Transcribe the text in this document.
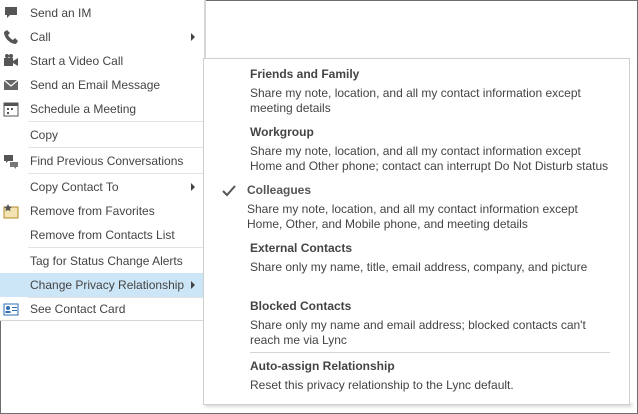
Send an IM
Call
Start a Video Call
Send an Email Message
Schedule a Meeting
Copy
Find Previous Conversations
Copy Contact To
Remove from Favorites
Remove from Contacts List
Tag for Status Change Alerts
Change Privacy Relationship
See Contact Card
Friends and Family
Share my note, location, and all my contact information except meeting details
Workgroup
Share my note, location, and all my contact information except Home and Other phone; contact can interrupt Do Not Disturb status
Colleagues
Share my note, location, and all my contact information except Home, Other, and Mobile phone, and meeting details
External Contacts
Share only my name, title, email address, company, and picture
Blocked Contacts
Share only my name and email address; blocked contacts can't reach me via Lync
Auto-assign Relationship
Reset this privacy relationship to the Lync default.
